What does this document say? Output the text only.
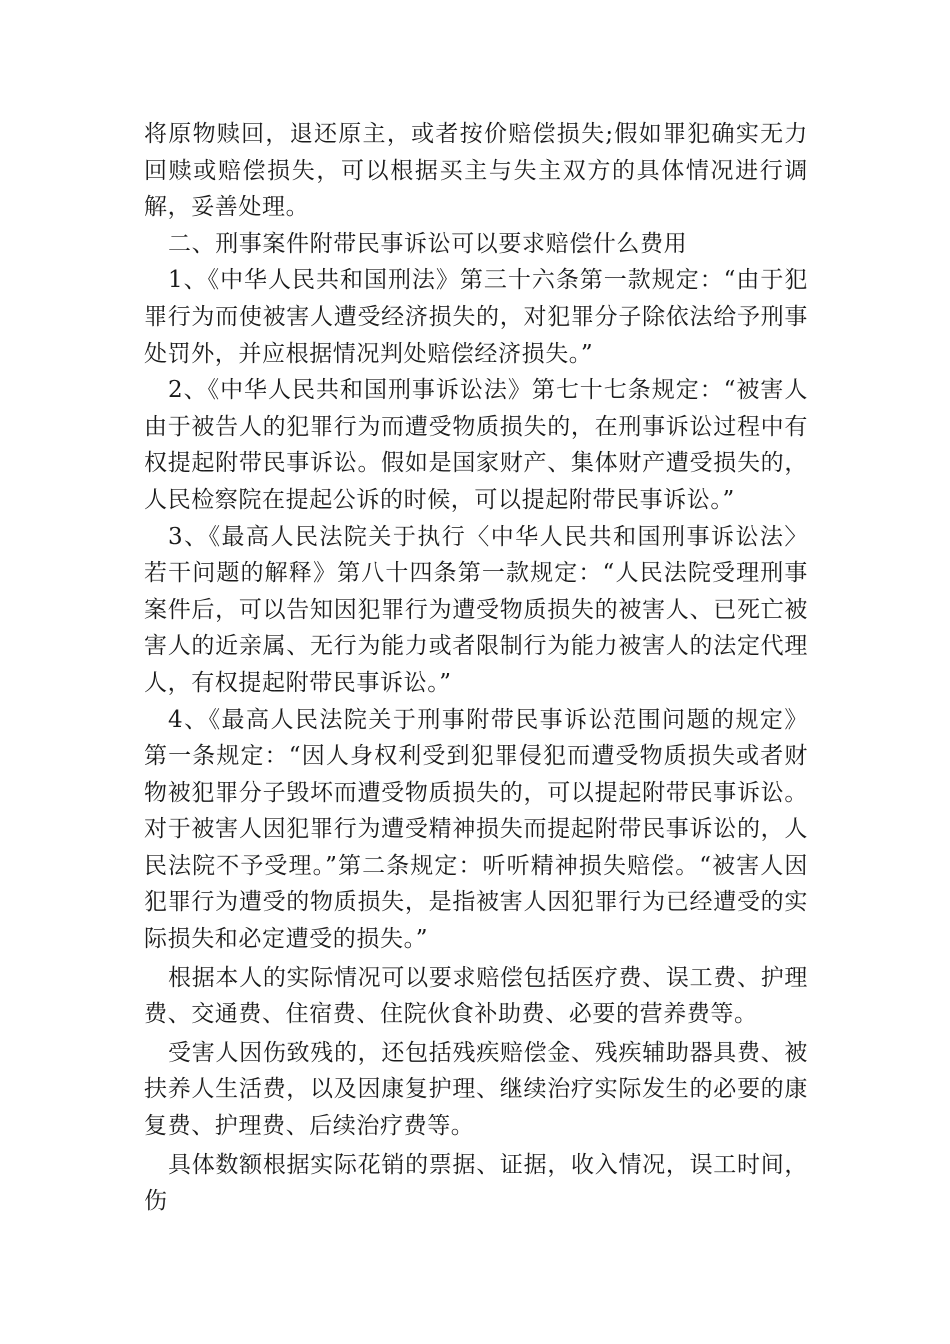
将原物赎回，退还原主，或者按价赔偿损失;假如罪犯确实无力回赎或赔偿损失，可以根据买主与失主双方的具体情况进行调解，妥善处理。

二、刑事案件附带民事诉讼可以要求赔偿什么费用

1、《中华人民共和国刑法》第三十六条第一款规定：“由于犯罪行为而使被害人遭受经济损失的，对犯罪分子除依法给予刑事处罚外，并应根据情况判处赔偿经济损失。”

2、《中华人民共和国刑事诉讼法》第七十七条规定：“被害人由于被告人的犯罪行为而遭受物质损失的，在刑事诉讼过程中有权提起附带民事诉讼。假如是国家财产、集体财产遭受损失的，人民检察院在提起公诉的时候，可以提起附带民事诉讼。”

3、《最高人民法院关于执行〈中华人民共和国刑事诉讼法〉若干问题的解释》第八十四条第一款规定：“人民法院受理刑事案件后，可以告知因犯罪行为遭受物质损失的被害人、已死亡被害人的近亲属、无行为能力或者限制行为能力被害人的法定代理人，有权提起附带民事诉讼。”

4、《最高人民法院关于刑事附带民事诉讼范围问题的规定》第一条规定：“因人身权利受到犯罪侵犯而遭受物质损失或者财物被犯罪分子毁坏而遭受物质损失的，可以提起附带民事诉讼。对于被害人因犯罪行为遭受精神损失而提起附带民事诉讼的，人民法院不予受理。”第二条规定：听听精神损失赔偿。“被害人因犯罪行为遭受的物质损失，是指被害人因犯罪行为已经遭受的实际损失和必定遭受的损失。”

根据本人的实际情况可以要求赔偿包括医疗费、误工费、护理费、交通费、住宿费、住院伙食补助费、必要的营养费等。

受害人因伤致残的，还包括残疾赔偿金、残疾辅助器具费、被扶养人生活费，以及因康复护理、继续治疗实际发生的必要的康复费、护理费、后续治疗费等。

具体数额根据实际花销的票据、证据，收入情况，误工时间，伤
